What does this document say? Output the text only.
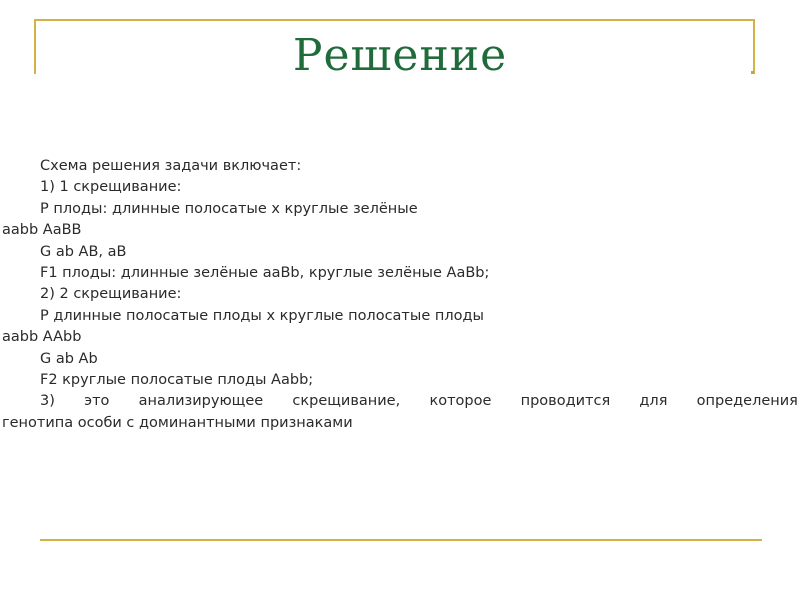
Решение
Схема решения задачи включает:
1) 1 скрещивание:
Р плоды: длинные полосатые х круглые зелёные
aabb AaBB
G ab AB, aB
F1 плоды: длинные зелёные aaBb, круглые зелёные AaBb;
2) 2 скрещивание:
Р длинные полосатые плоды х круглые полосатые плоды
aabb AAbb
G ab Ab
F2 круглые полосатые плоды Aabb;
3) это анализирующее скрещивание, которое проводится для определения
генотипа особи с доминантными признаками
